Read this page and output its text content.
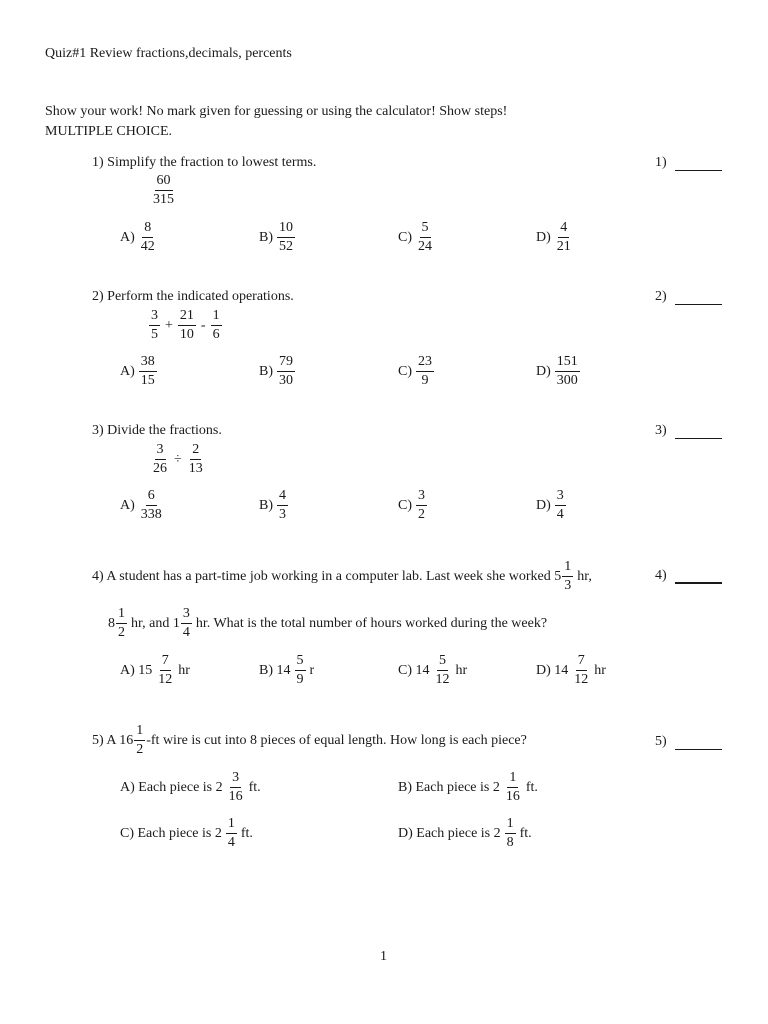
Quiz#1 Review fractions,decimals, percents
Show your work! No mark given for guessing or using the calculator! Show steps!
MULTIPLE CHOICE.
1) Simplify the fraction to lowest terms.	1)
$\frac{60}{315}$
$A) \frac{8}{42}$	$B) \frac{10}{52}$	$C) \frac{5}{24}$	$D) \frac{4}{21}$
2) Perform the indicated operations.	2)
$\frac{3}{5} + \frac{21}{10} - \frac{1}{6}$
$A) \frac{38}{15}$	$B) \frac{79}{30}$	$C) \frac{23}{9}$	$D) \frac{151}{300}$
3) Divide the fractions.	3)
$\frac{3}{26} \div \frac{2}{13}$
$A) \frac{6}{338}$	$B) \frac{4}{3}$	$C) \frac{3}{2}$	$D) \frac{3}{4}$
4) A student has a part-time job working in a computer lab. Last week she worked $5 \frac{1}{3}$ hr,	4)
$8 \frac{1}{2}$ hr, and $1 \frac{3}{4}$ hr. What is the total number of hours worked during the week?
A) $15 \frac{7}{12}$ hr	B) $14 \frac{5}{9}$ r	C) $14 \frac{5}{12}$ hr	D) $14 \frac{7}{12}$ hr
5) A $16 \frac{1}{2} -ft$ wire is cut into 8 pieces of equal length. How long is each piece?	5)
A) Each piece is $2 \frac{3}{16}$ ft.	B) Each piece is $2 \frac{1}{16}$ ft.
C) Each piece is $2 \frac{1}{4}$ ft.	D) Each piece is $2 \frac{1}{8}$ ft.
1
